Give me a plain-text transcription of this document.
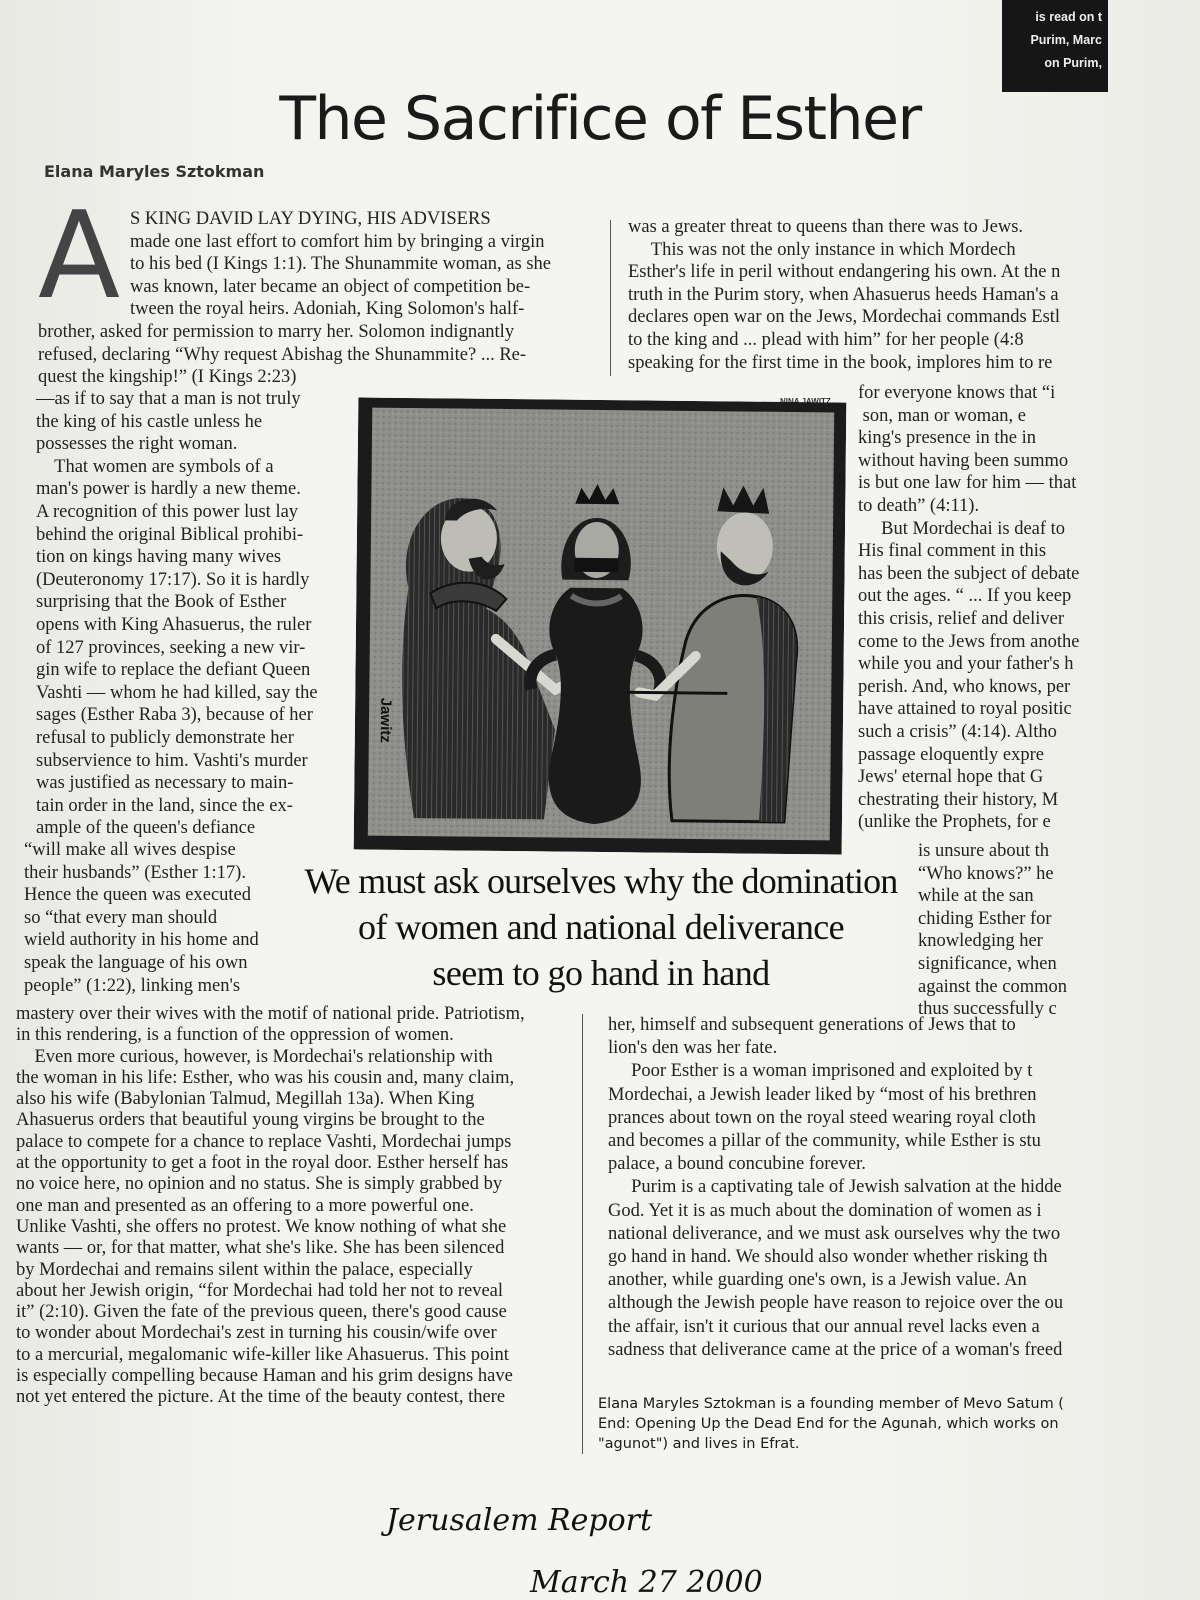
is read on t
Purim, Marc
on Purim,
The Sacrifice of Esther
Elana Maryles Sztokman
A S KING DAVID LAY DYING, HIS ADVISERS
made one last effort to comfort him by bringing a virgin
to his bed (I Kings 1:1). The Shunammite woman, as she
was known, later became an object of competition be-
tween the royal heirs. Adoniah, King Solomon's half-
brother, asked for permission to marry her. Solomon indignantly
refused, declaring “Why request Abishag the Shunammite? ... Re-
quest the kingship!” (I Kings 2:23)
—as if to say that a man is not truly
the king of his castle unless he
possesses the right woman.
That women are symbols of a
man's power is hardly a new theme.
A recognition of this power lust lay
behind the original Biblical prohibi-
tion on kings having many wives
(Deuteronomy 17:17). So it is hardly
surprising that the Book of Esther
opens with King Ahasuerus, the ruler
of 127 provinces, seeking a new vir-
gin wife to replace the defiant Queen
Vashti — whom he had killed, say the
sages (Esther Raba 3), because of her
refusal to publicly demonstrate her
subservience to him. Vashti's murder
was justified as necessary to main-
tain order in the land, since the ex-
ample of the queen's defiance
“will make all wives despise
their husbands” (Esther 1:17).
Hence the queen was executed
so “that every man should
wield authority in his home and
speak the language of his own
people” (1:22), linking men's
mastery over their wives with the motif of national pride. Patriotism,
in this rendering, is a function of the oppression of women.
Even more curious, however, is Mordechai's relationship with
the woman in his life: Esther, who was his cousin and, many claim,
also his wife (Babylonian Talmud, Megillah 13a). When King
Ahasuerus orders that beautiful young virgins be brought to the
palace to compete for a chance to replace Vashti, Mordechai jumps
at the opportunity to get a foot in the royal door. Esther herself has
no voice here, no opinion and no status. She is simply grabbed by
one man and presented as an offering to a more powerful one.
Unlike Vashti, she offers no protest. We know nothing of what she
wants — or, for that matter, what she's like. She has been silenced
by Mordechai and remains silent within the palace, especially
about her Jewish origin, “for Mordechai had told her not to reveal
it” (2:10). Given the fate of the previous queen, there's good cause
to wonder about Mordechai's zest in turning his cousin/wife over
to a mercurial, megalomanic wife-killer like Ahasuerus. This point
is especially compelling because Haman and his grim designs have
not yet entered the picture. At the time of the beauty contest, there
was a greater threat to queens than there was to Jews.
This was not the only instance in which Mordech
Esther's life in peril without endangering his own. At the n
truth in the Purim story, when Ahasuerus heeds Haman's a
declares open war on the Jews, Mordechai commands Estl
to the king and ... plead with him” for her people (4:8
speaking for the first time in the book, implores him to re
for everyone knows that “i
son, man or woman, e
king's presence in the in
without having been summo
is but one law for him — that
to death” (4:11).
But Mordechai is deaf to
His final comment in this
has been the subject of debate
out the ages. “ ... If you keep
this crisis, relief and deliver
come to the Jews from anothe
while you and your father's h
perish. And, who knows, per
have attained to royal positic
such a crisis” (4:14). Altho
passage eloquently expre
Jews' eternal hope that G
chestrating their history, M
(unlike the Prophets, for e
is unsure about th
“Who knows?” he
while at the san
chiding Esther for
knowledging her
significance, when
against the common
thus successfully c
her, himself and subsequent generations of Jews that to
lion's den was her fate.
Poor Esther is a woman imprisoned and exploited by t
Mordechai, a Jewish leader liked by “most of his brethren
prances about town on the royal steed wearing royal cloth
and becomes a pillar of the community, while Esther is stu
palace, a bound concubine forever.
Purim is a captivating tale of Jewish salvation at the hidde
God. Yet it is as much about the domination of women as i
national deliverance, and we must ask ourselves why the two
go hand in hand. We should also wonder whether risking th
another, while guarding one's own, is a Jewish value. An
although the Jewish people have reason to rejoice over the ou
the affair, isn't it curious that our annual revel lacks even a
sadness that deliverance came at the price of a woman's freed
NINA JAWITZ
Jawitz
We must ask ourselves why the domination
of women and national deliverance
seem to go hand in hand
Elana Maryles Sztokman is a founding member of Mevo Satum (
End: Opening Up the Dead End for the Agunah, which works on
"agunot") and lives in Efrat.
Jerusalem Report
March 27 2000
